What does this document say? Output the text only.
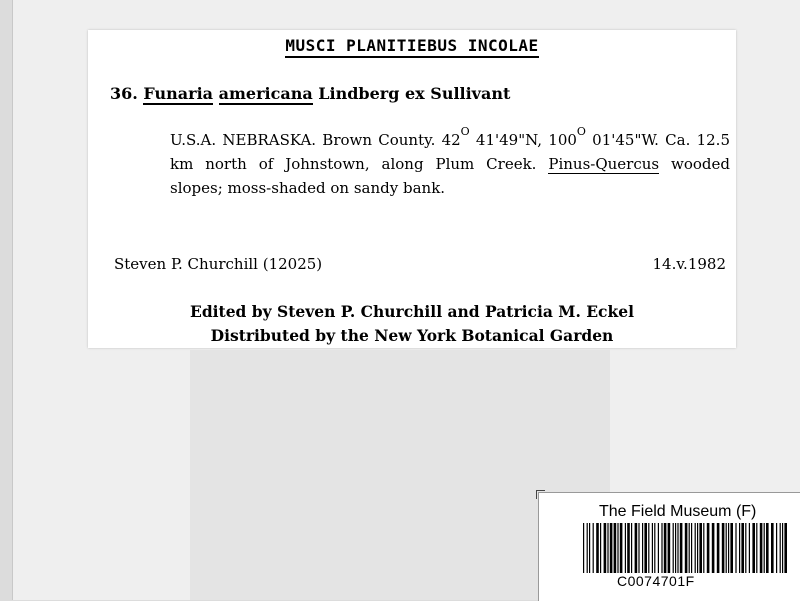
MUSCI PLANITIEBUS INCOLAE
36. Funaria americana Lindberg ex Sullivant
U.S.A. NEBRASKA. Brown County. $42^O$ 41'49"N, $100^O$ 01'45"W. Ca. 12.5 km north of Johnstown, along Plum Creek. Pinus-Quercus wooded slopes; moss-shaded on sandy bank.
Steven P. Churchill (12025)	14.v.1982
Edited by Steven P. Churchill and Patricia M. Eckel
Distributed by the New York Botanical Garden
The Field Museum (F)
C0074701F
